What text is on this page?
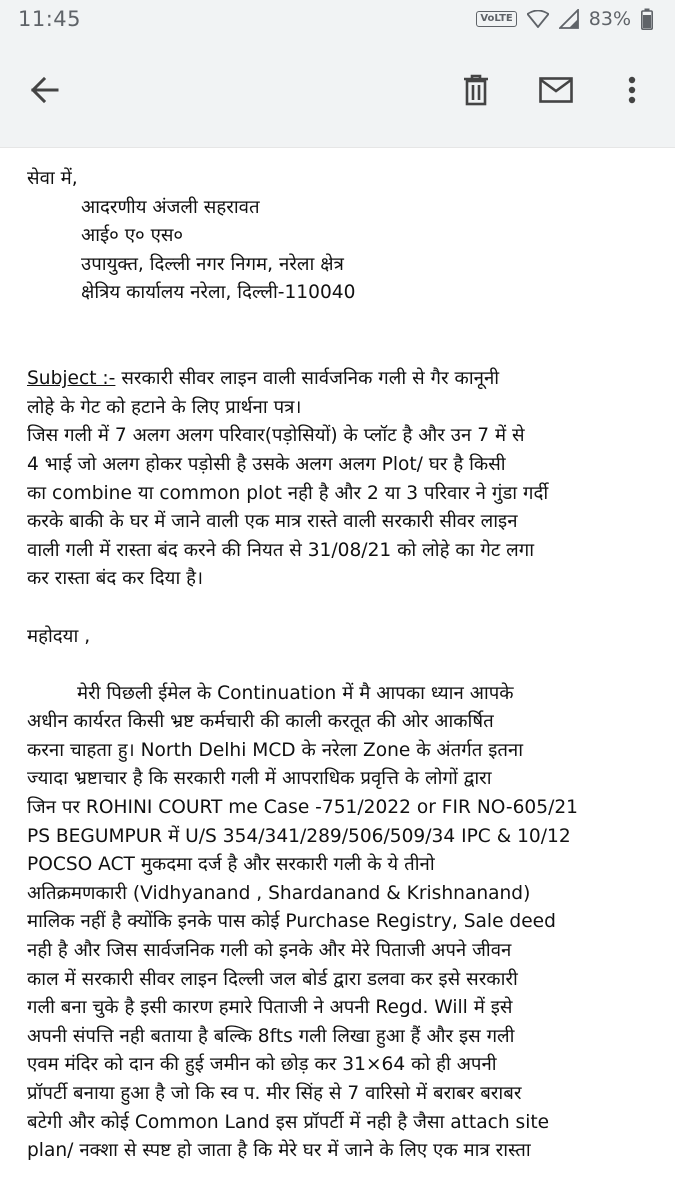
11:45	VoLTE	83%
सेवा में,
आदरणीय अंजली सहरावत
आई० ए० एस०
उपायुक्त, दिल्ली नगर निगम, नरेला क्षेत्र
क्षेत्रिय कार्यालय नरेला, दिल्ली-110040
Subject :- सरकारी सीवर लाइन वाली सार्वजनिक गली से गैर कानूनी
लोहे के गेट को हटाने के लिए प्रार्थना पत्र।
जिस गली में 7 अलग अलग परिवार(पड़ोसियों) के प्लॉट है और उन 7 में से
4 भाई जो अलग होकर पड़ोसी है उसके अलग अलग Plot/ घर है किसी
का combine या common plot नही है और 2 या 3 परिवार ने गुंडा गर्दी
करके बाकी के घर में जाने वाली एक मात्र रास्ते वाली सरकारी सीवर लाइन
वाली गली में रास्ता बंद करने की नियत से 31/08/21 को लोहे का गेट लगा
कर रास्ता बंद कर दिया है।
महोदया ,
मेरी पिछली ईमेल के Continuation में मै आपका ध्यान आपके
अधीन कार्यरत किसी भ्रष्ट कर्मचारी की काली करतूत की ओर आकर्षित
करना चाहता हु। North Delhi MCD के नरेला Zone के अंतर्गत इतना
ज्यादा भ्रष्टाचार है कि सरकारी गली में आपराधिक प्रवृत्ति के लोगों द्वारा
जिन पर ROHINI COURT me Case -751/2022 or FIR NO-605/21
PS BEGUMPUR में U/S 354/341/289/506/509/34 IPC & 10/12
POCSO ACT मुकदमा दर्ज है और सरकारी गली के ये तीनो
अतिक्रमणकारी (Vidhyanand , Shardanand & Krishnanand)
मालिक नहीं है क्योंकि इनके पास कोई Purchase Registry, Sale deed
नही है और जिस सार्वजनिक गली को इनके और मेरे पिताजी अपने जीवन
काल में सरकारी सीवर लाइन दिल्ली जल बोर्ड द्वारा डलवा कर इसे सरकारी
गली बना चुके है इसी कारण हमारे पिताजी ने अपनी Regd. Will में इसे
अपनी संपत्ति नही बताया है बल्कि 8fts गली लिखा हुआ हैं और इस गली
एवम मंदिर को दान की हुई जमीन को छोड़ कर 31×64 को ही अपनी
प्रॉपर्टी बनाया हुआ है जो कि स्व प. मीर सिंह से 7 वारिसो में बराबर बराबर
बटेगी और कोई Common Land इस प्रॉपर्टी में नही है जैसा attach site
plan/ नक्शा से स्पष्ट हो जाता है कि मेरे घर में जाने के लिए एक मात्र रास्ता
